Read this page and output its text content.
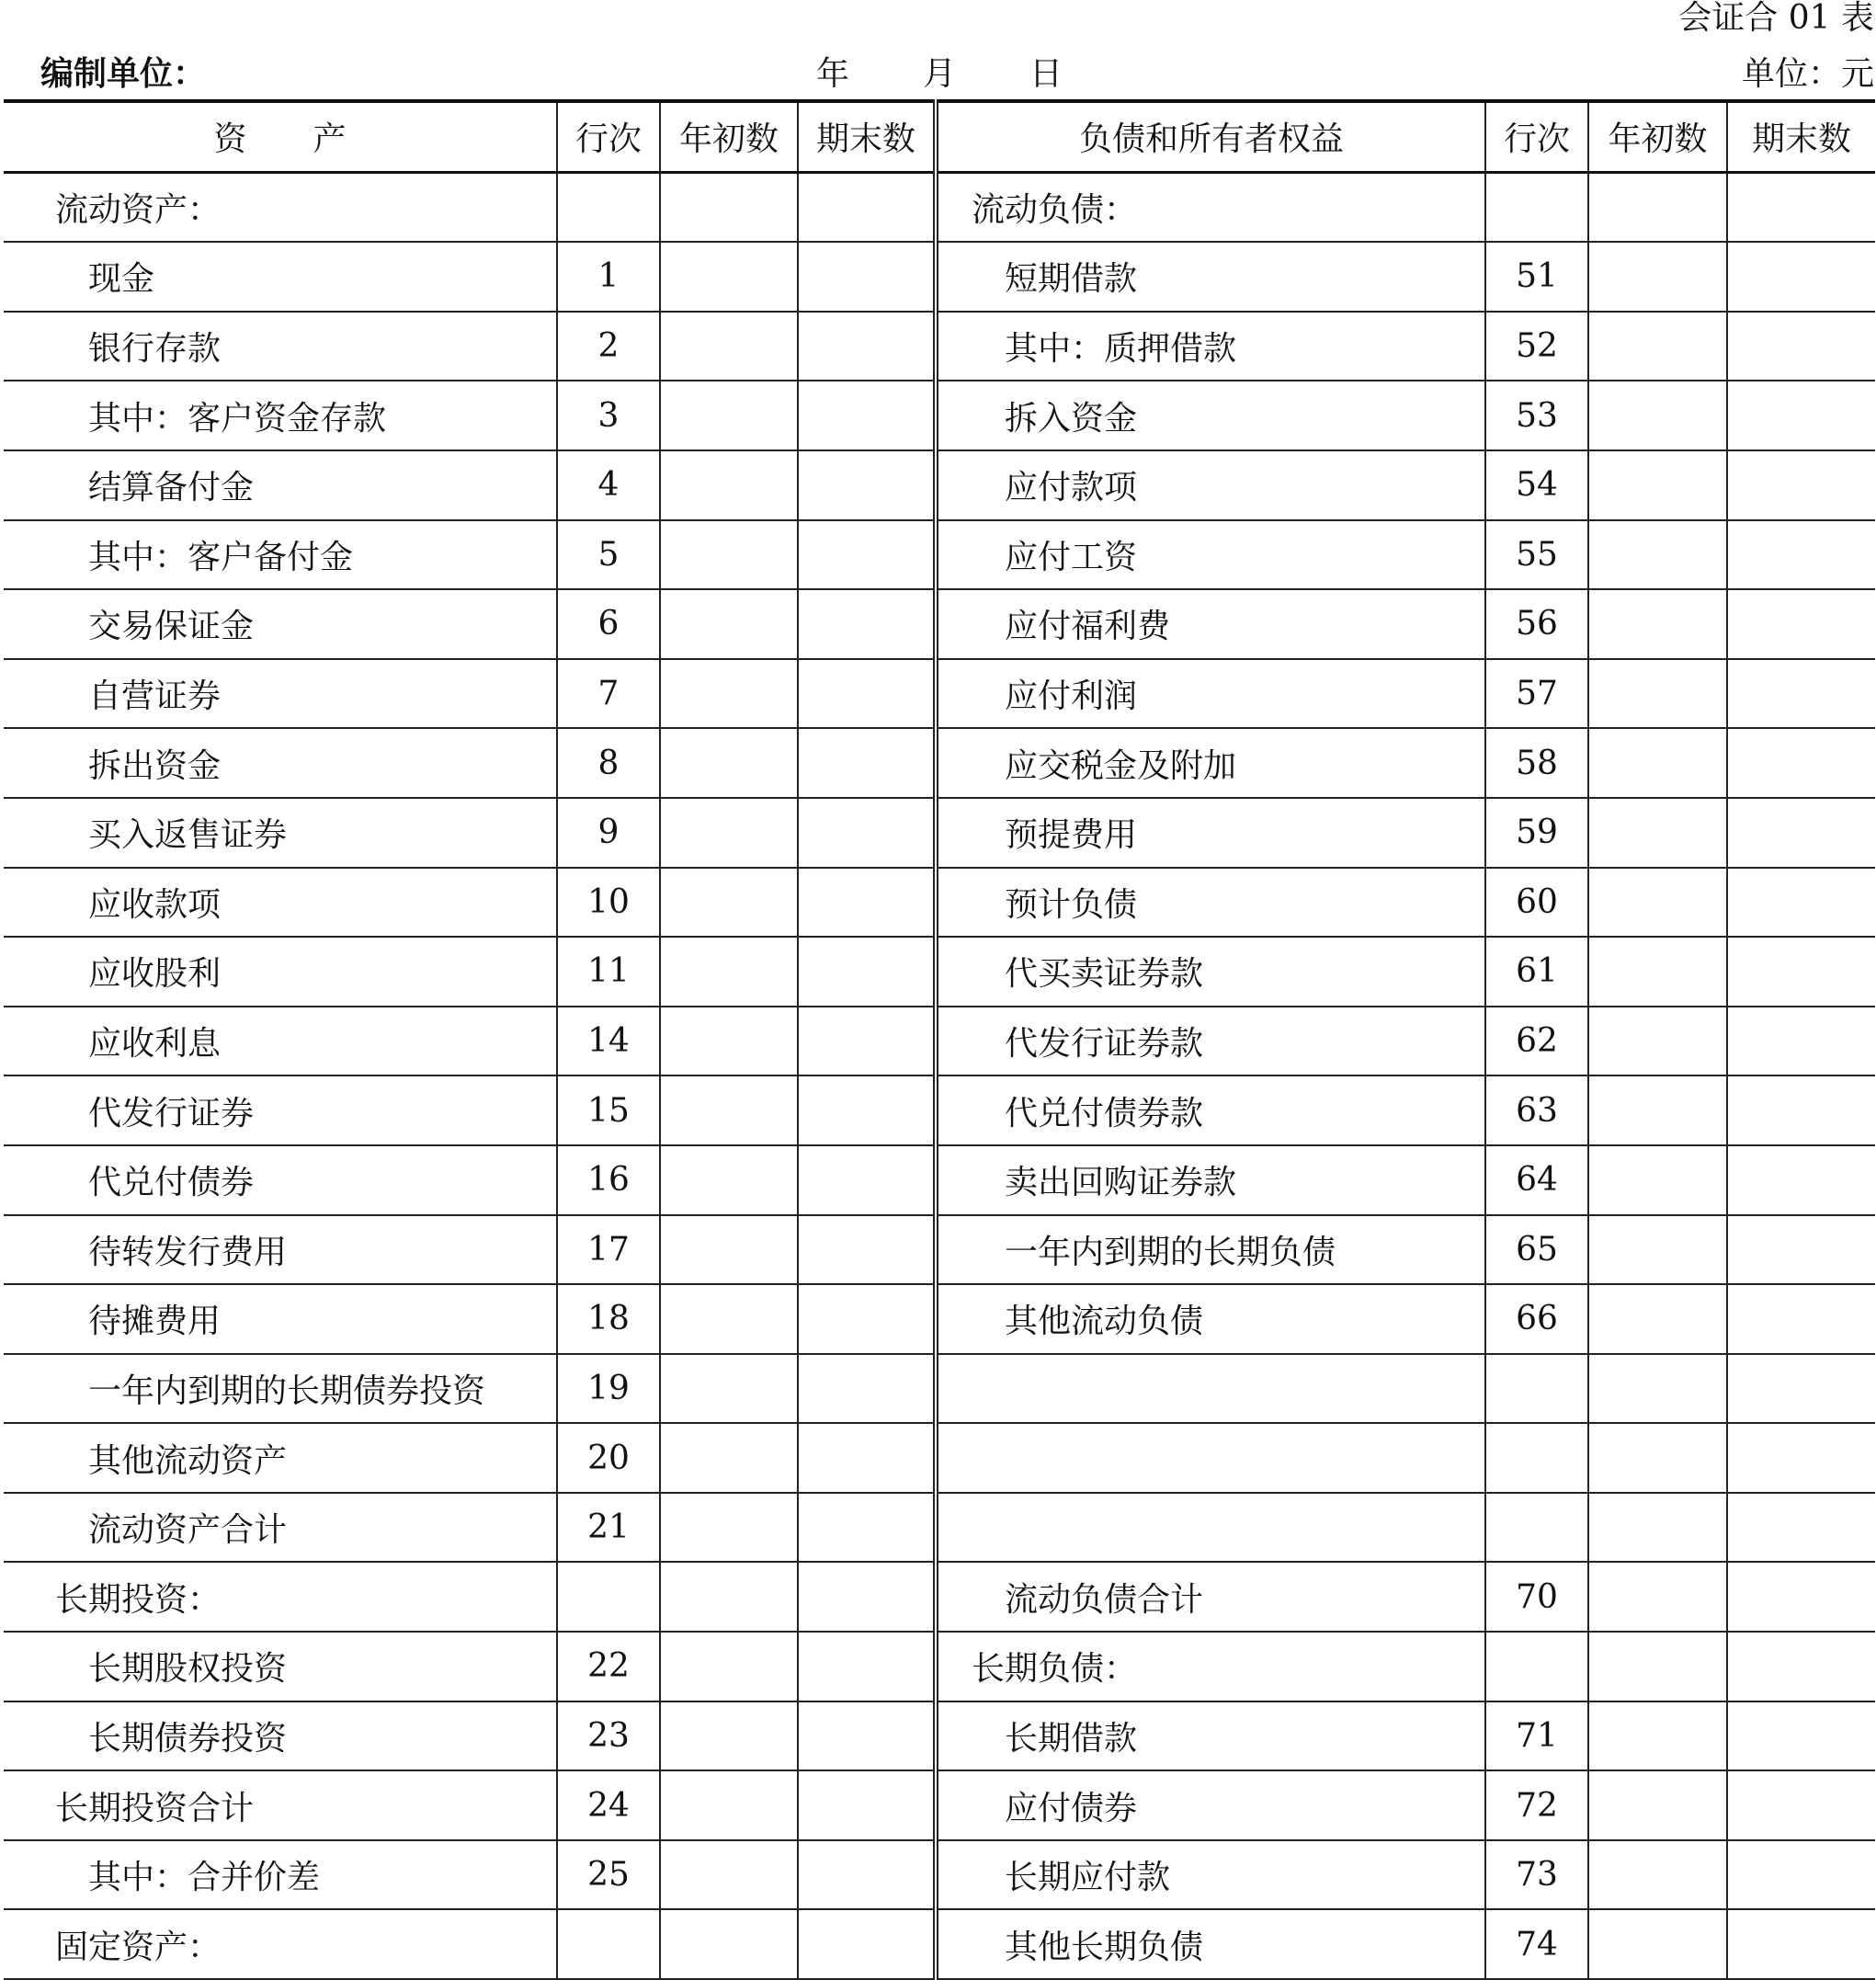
会证合 01 表
编制单位：	年 月 日	单位：元
资　　产	行次	年初数	期末数	负债和所有者权益	行次	年初数	期末数
流动资产：				流动负债：			
现金	1			短期借款	51		
银行存款	2			其中：质押借款	52		
其中：客户资金存款	3			拆入资金	53		
结算备付金	4			应付款项	54		
其中：客户备付金	5			应付工资	55		
交易保证金	6			应付福利费	56		
自营证券	7			应付利润	57		
拆出资金	8			应交税金及附加	58		
买入返售证券	9			预提费用	59		
应收款项	10			预计负债	60		
应收股利	11			代买卖证券款	61		
应收利息	14			代发行证券款	62		
代发行证券	15			代兑付债券款	63		
代兑付债券	16			卖出回购证券款	64		
待转发行费用	17			一年内到期的长期负债	65		
待摊费用	18			其他流动负债	66		
一年内到期的长期债券投资	19						
其他流动资产	20						
流动资产合计	21						
长期投资：				流动负债合计	70		
长期股权投资	22			长期负债：			
长期债券投资	23			长期借款	71		
长期投资合计	24			应付债券	72		
其中：合并价差	25			长期应付款	73		
固定资产：				其他长期负债	74		
